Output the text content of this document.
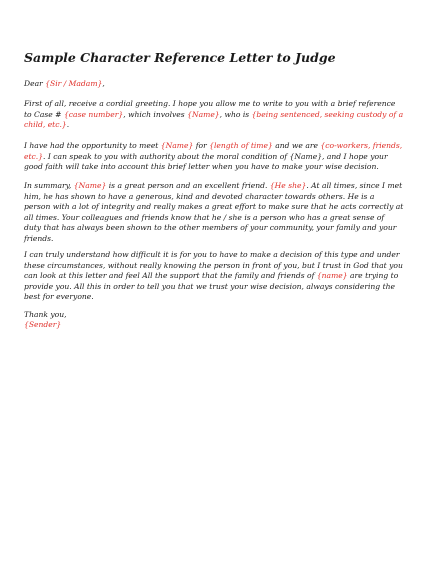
Sample Character Reference Letter to Judge
Dear {Sir / Madam},
First of all, receive a cordial greeting. I hope you allow me to write to you with a brief reference
to Case # {case number}, which involves {Name}, who is {being sentenced, seeking custody of a
child, etc.}.
I have had the opportunity to meet {Name} for {length of time} and we are {co-workers, friends,
etc.}. I can speak to you with authority about the moral condition of {Name}, and I hope your
good faith will take into account this brief letter when you have to make your wise decision.
In summary, {Name} is a great person and an excellent friend. {He she}. At all times, since I met
him, he has shown to have a generous, kind and devoted character towards others. He is a
person with a lot of integrity and really makes a great effort to make sure that he acts correctly at
all times. Your colleagues and friends know that he / she is a person who has a great sense of
duty that has always been shown to the other members of your community, your family and your
friends.
I can truly understand how difficult it is for you to have to make a decision of this type and under
these circumstances, without really knowing the person in front of you, but I trust in God that you
can look at this letter and feel All the support that the family and friends of {name} are trying to
provide you. All this in order to tell you that we trust your wise decision, always considering the
best for everyone.
Thank you,
{Sender}
